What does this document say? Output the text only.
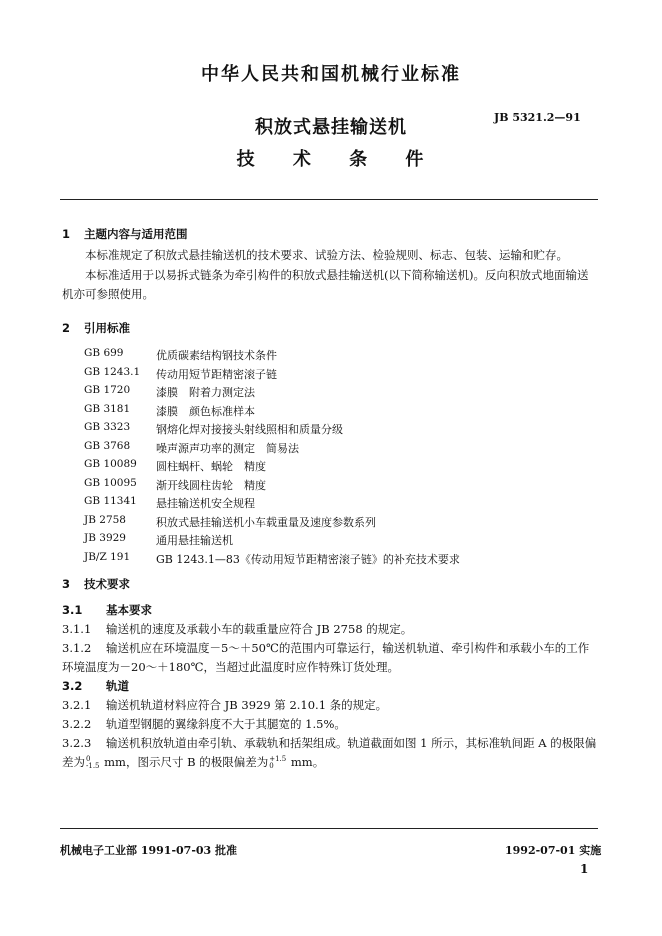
中华人民共和国机械行业标准
JB 5321.2—91
积放式悬挂输送机
技 术 条 件
1 主题内容与适用范围
本标准规定了积放式悬挂输送机的技术要求、试验方法、检验规则、标志、包装、运输和贮存。
本标准适用于以易拆式链条为牵引构件的积放式悬挂输送机(以下简称输送机)。反向积放式地面输送机亦可参照使用。
2 引用标准
GB 699	优质碳素结构钢技术条件
GB 1243.1 传动用短节距精密滚子链
GB 1720 漆膜　附着力测定法
GB 3181 漆膜　颜色标准样本
GB 3323 钢熔化焊对接接头射线照相和质量分级
GB 3768 噪声源声功率的测定　简易法
GB 10089 圆柱蜗杆、蜗轮　精度
GB 10095 渐开线圆柱齿轮　精度
GB 11341 悬挂输送机安全规程
JB 2758	积放式悬挂输送机小车载重量及速度参数系列
JB 3929	通用悬挂输送机
JB/Z 191 GB 1243.1—83《传动用短节距精密滚子链》的补充技术要求
3 技术要求
3.1 基本要求
3.1.1 输送机的速度及承载小车的载重量应符合 JB 2758 的规定。
3.1.2 输送机应在环境温度－5～＋50℃的范围内可靠运行，输送机轨道、牵引构件和承载小车的工作
环境温度为－20～＋180℃，当超过此温度时应作特殊订货处理。
3.2 轨道
3.2.1 输送机轨道材料应符合 JB 3929 第 2.10.1 条的规定。
3.2.2 轨道型钢腿的翼缘斜度不大于其腿宽的 1.5%。
3.2.3 输送机积放轨道由牵引轨、承载轨和括架组成。轨道截面如图 1 所示，其标准轨间距 A 的极限偏
差为 0
-1.5 mm，图示尺寸 B 的极限偏差为 +1.5
0	mm。
机械电子工业部 1991-07-03 批准	1992-07-01 实施
1
